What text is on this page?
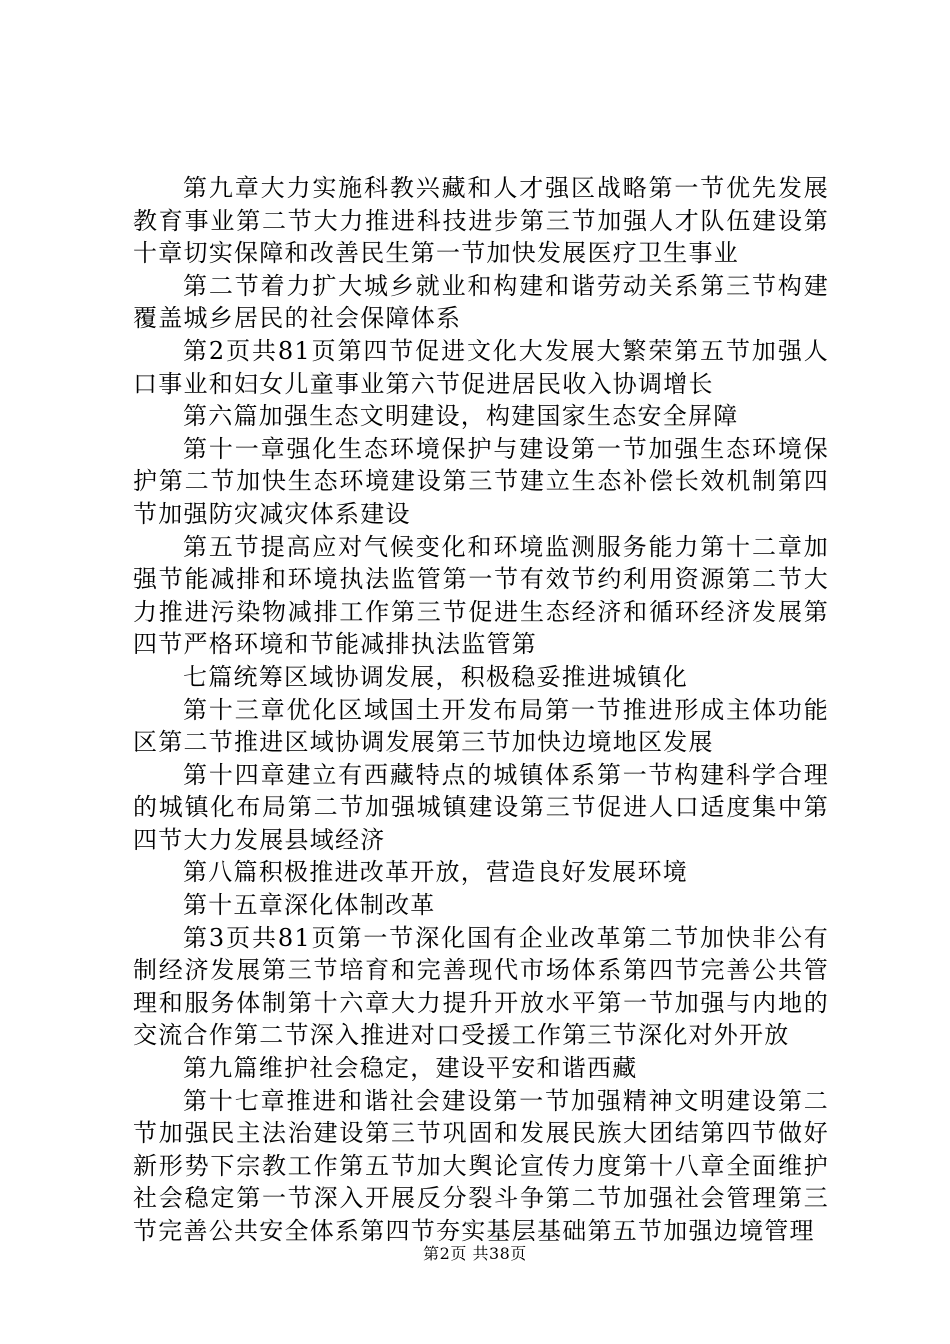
第九章大力实施科教兴藏和人才强区战略第一节优先发展教育事业第二节大力推进科技进步第三节加强人才队伍建设第十章切实保障和改善民生第一节加快发展医疗卫生事业

第二节着力扩大城乡就业和构建和谐劳动关系第三节构建覆盖城乡居民的社会保障体系

第2页共81页第四节促进文化大发展大繁荣第五节加强人口事业和妇女儿童事业第六节促进居民收入协调增长

第六篇加强生态文明建设，构建国家生态安全屏障

第十一章强化生态环境保护与建设第一节加强生态环境保护第二节加快生态环境建设第三节建立生态补偿长效机制第四节加强防灾减灾体系建设

第五节提高应对气候变化和环境监测服务能力第十二章加强节能减排和环境执法监管第一节有效节约利用资源第二节大力推进污染物减排工作第三节促进生态经济和循环经济发展第四节严格环境和节能减排执法监管第

七篇统筹区域协调发展，积极稳妥推进城镇化

第十三章优化区域国土开发布局第一节推进形成主体功能区第二节推进区域协调发展第三节加快边境地区发展

第十四章建立有西藏特点的城镇体系第一节构建科学合理的城镇化布局第二节加强城镇建设第三节促进人口适度集中第四节大力发展县域经济

第八篇积极推进改革开放，营造良好发展环境

第十五章深化体制改革

第3页共81页第一节深化国有企业改革第二节加快非公有制经济发展第三节培育和完善现代市场体系第四节完善公共管理和服务体制第十六章大力提升开放水平第一节加强与内地的交流合作第二节深入推进对口受援工作第三节深化对外开放

第九篇维护社会稳定，建设平安和谐西藏

第十七章推进和谐社会建设第一节加强精神文明建设第二节加强民主法治建设第三节巩固和发展民族大团结第四节做好新形势下宗教工作第五节加大舆论宣传力度第十八章全面维护社会稳定第一节深入开展反分裂斗争第二节加强社会管理第三节完善公共安全体系第四节夯实基层基础第五节加强边境管理

第2页 共38页
